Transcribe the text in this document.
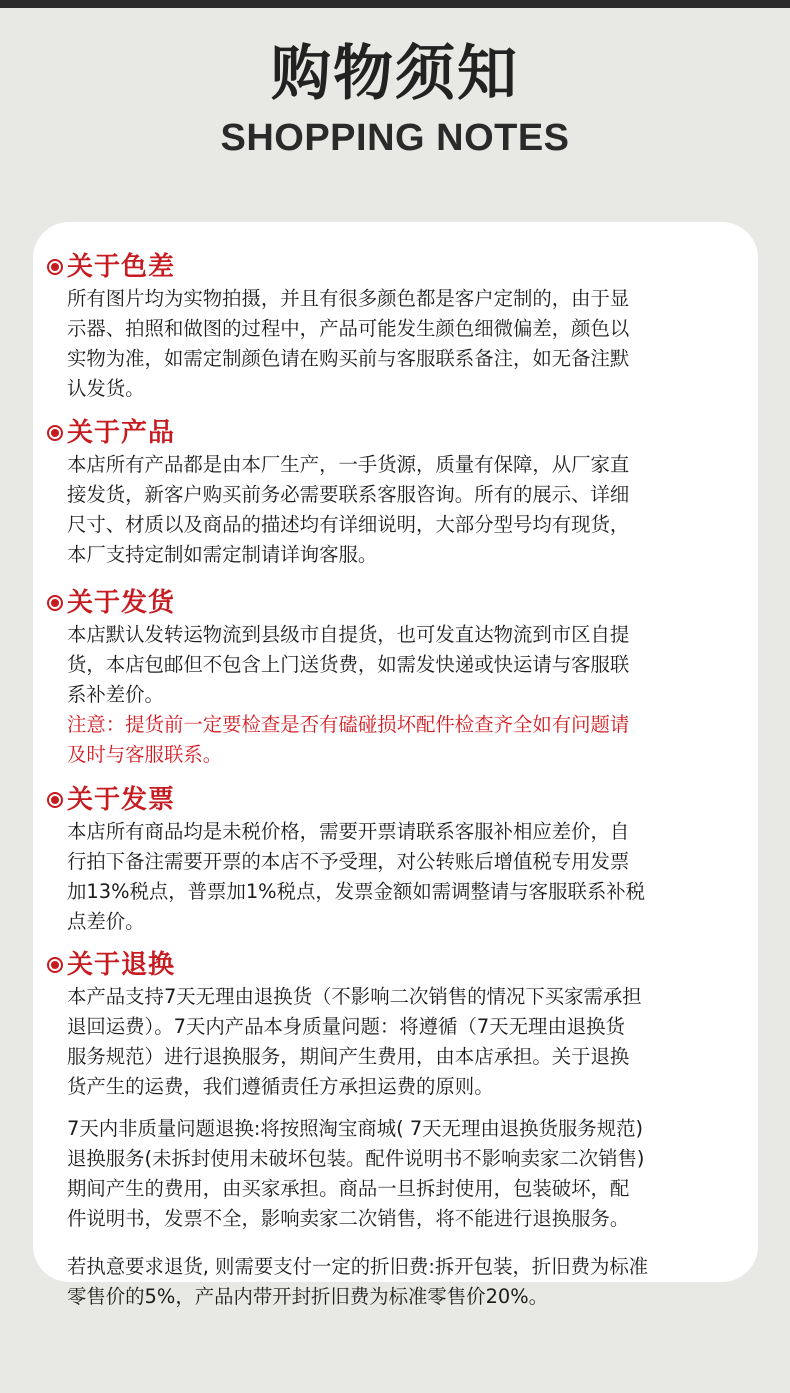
购物须知
SHOPPING NOTES
关于色差
所有图片均为实物拍摄，并且有很多颜色都是客户定制的，由于显
示器、拍照和做图的过程中，产品可能发生颜色细微偏差，颜色以
实物为准，如需定制颜色请在购买前与客服联系备注，如无备注默
认发货。
关于产品
本店所有产品都是由本厂生产，一手货源，质量有保障，从厂家直
接发货，新客户购买前务必需要联系客服咨询。所有的展示、详细
尺寸、材质以及商品的描述均有详细说明，大部分型号均有现货，
本厂支持定制如需定制请详询客服。
关于发货
本店默认发转运物流到县级市自提货，也可发直达物流到市区自提
货，本店包邮但不包含上门送货费，如需发快递或快运请与客服联
系补差价。
注意：提货前一定要检查是否有磕碰损坏配件检查齐全如有问题请
及时与客服联系。
关于发票
本店所有商品均是未税价格，需要开票请联系客服补相应差价，自
行拍下备注需要开票的本店不予受理，对公转账后增值税专用发票
加13%税点，普票加1%税点，发票金额如需调整请与客服联系补税
点差价。
关于退换
本产品支持7天无理由退换货（不影响二次销售的情况下买家需承担
退回运费）。7天内产品本身质量问题：将遵循（7天无理由退换货
服务规范）进行退换服务，期间产生费用，由本店承担。关于退换
货产生的运费，我们遵循责任方承担运费的原则。
7天内非质量问题退换:将按照淘宝商城( 7天无理由退换货服务规范)
退换服务(未拆封使用未破坏包装。配件说明书不影响卖家二次销售)
期间产生的费用，由买家承担。商品一旦拆封使用，包装破坏，配
件说明书，发票不全，影响卖家二次销售，将不能进行退换服务。
若执意要求退货, 则需要支付一定的折旧费:拆开包装，折旧费为标准
零售价的5%，产品内带开封折旧费为标准零售价20%。
